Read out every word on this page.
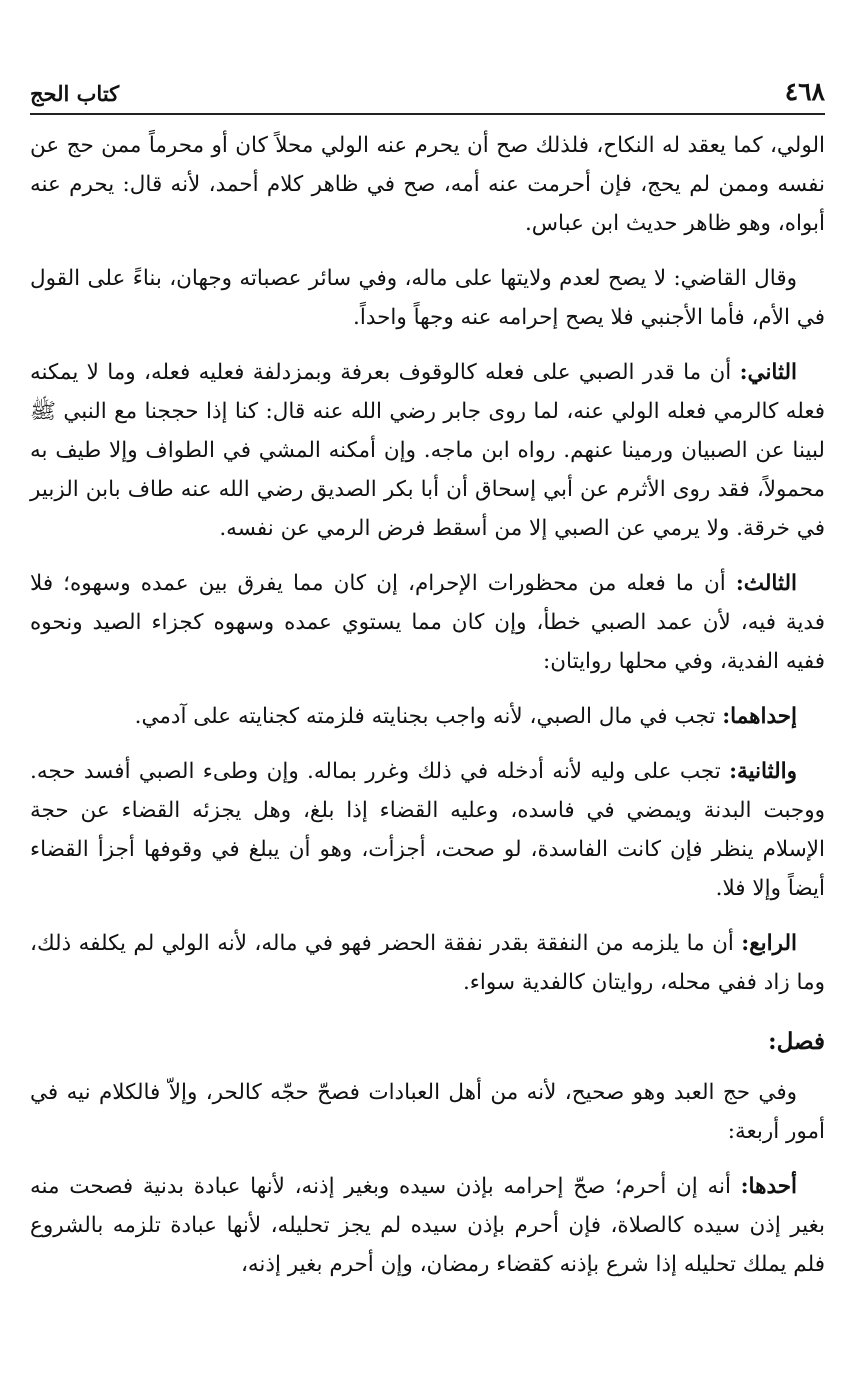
٤٦٨
كتاب الحج

الولي، كما يعقد له النكاح، فلذلك صح أن يحرم عنه الولي محلاً كان أو محرماً ممن حج عن نفسه وممن لم يحج، فإن أحرمت عنه أمه، صح في ظاهر كلام أحمد، لأنه قال: يحرم عنه أبواه، وهو ظاهر حديث ابن عباس.

وقال القاضي: لا يصح لعدم ولايتها على ماله، وفي سائر عصباته وجهان، بناءً على القول في الأم، فأما الأجنبي فلا يصح إحرامه عنه وجهاً واحداً.

الثاني: أن ما قدر الصبي على فعله كالوقوف بعرفة وبمزدلفة فعليه فعله، وما لا يمكنه فعله كالرمي فعله الولي عنه، لما روى جابر رضي الله عنه قال: كنا إذا حججنا مع النبي ﷺ لبينا عن الصبيان ورمينا عنهم. رواه ابن ماجه. وإن أمكنه المشي في الطواف وإلا طيف به محمولاً، فقد روى الأثرم عن أبي إسحاق أن أبا بكر الصديق رضي الله عنه طاف بابن الزبير في خرقة. ولا يرمي عن الصبي إلا من أسقط فرض الرمي عن نفسه.

الثالث: أن ما فعله من محظورات الإحرام، إن كان مما يفرق بين عمده وسهوه؛ فلا فدية فيه، لأن عمد الصبي خطأ، وإن كان مما يستوي عمده وسهوه كجزاء الصيد ونحوه ففيه الفدية، وفي محلها روايتان:

إحداهما: تجب في مال الصبي، لأنه واجب بجنايته فلزمته كجنايته على آدمي.

والثانية: تجب على وليه لأنه أدخله في ذلك وغرر بماله. وإن وطىء الصبي أفسد حجه. ووجبت البدنة ويمضي في فاسده، وعليه القضاء إذا بلغ، وهل يجزئه القضاء عن حجة الإسلام ينظر فإن كانت الفاسدة، لو صحت، أجزأت، وهو أن يبلغ في وقوفها أجزأ القضاء أيضاً وإلا فلا.

الرابع: أن ما يلزمه من النفقة بقدر نفقة الحضر فهو في ماله، لأنه الولي لم يكلفه ذلك، وما زاد ففي محله، روايتان كالفدية سواء.

فصل:

وفي حج العبد وهو صحيح، لأنه من أهل العبادات فصحّ حجّه كالحر، وإلاّ فالكلام نيه في أمور أربعة:

أحدها: أنه إن أحرم؛ صحّ إحرامه بإذن سيده وبغير إذنه، لأنها عبادة بدنية فصحت منه بغير إذن سيده كالصلاة، فإن أحرم بإذن سيده لم يجز تحليله، لأنها عبادة تلزمه بالشروع فلم يملك تحليله إذا شرع بإذنه كقضاء رمضان، وإن أحرم بغير إذنه،
